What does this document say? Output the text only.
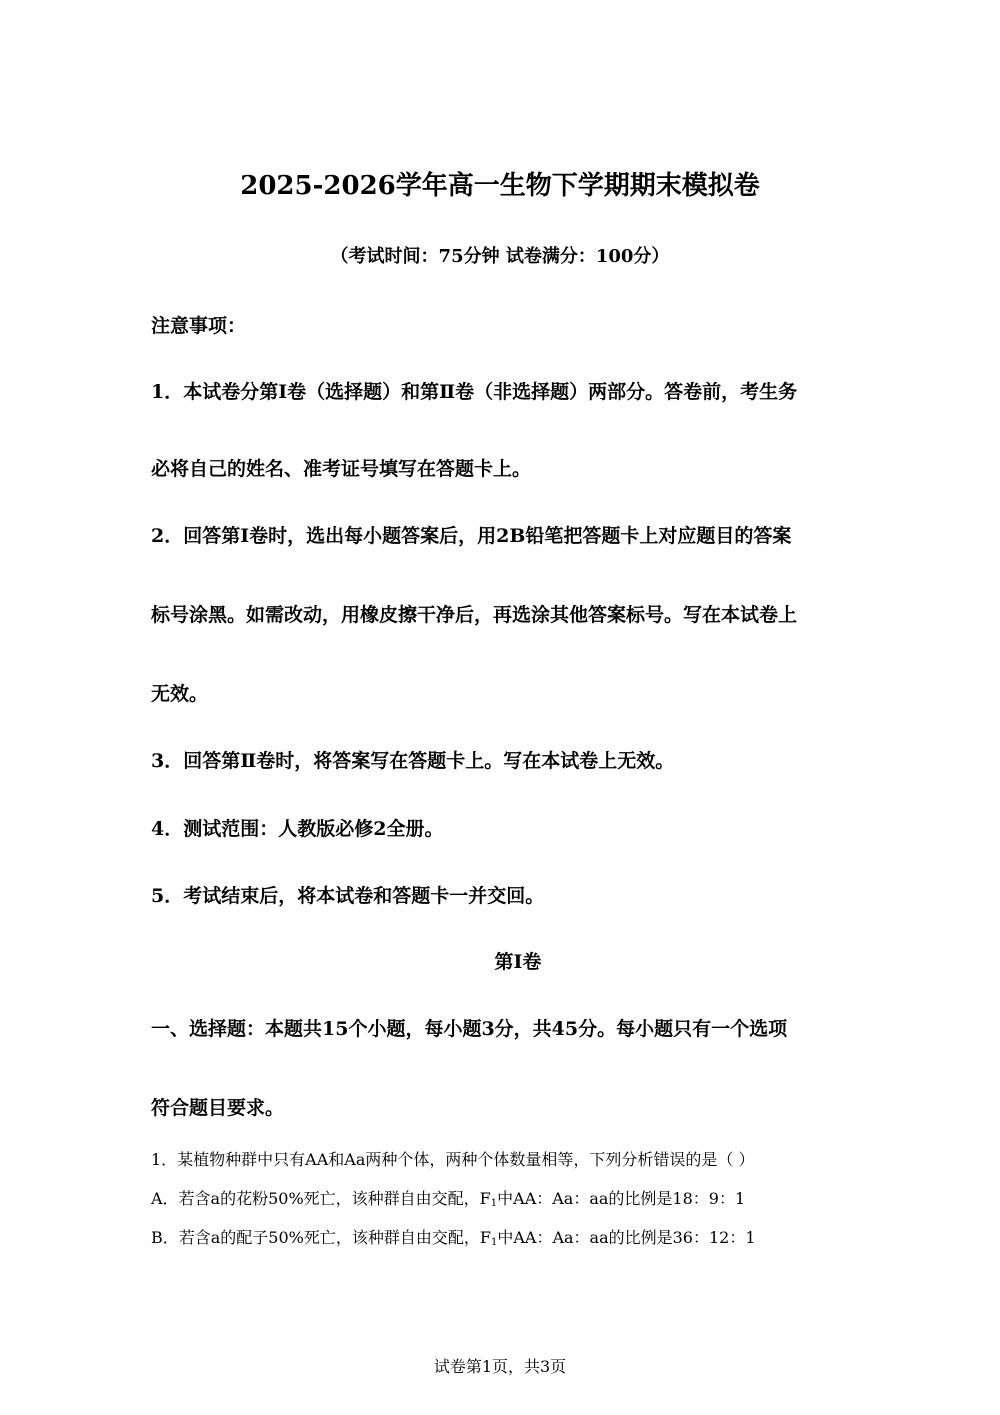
2025-2026学年高一生物下学期期末模拟卷
（考试时间：75分钟 试卷满分：100分）
注意事项：
1．本试卷分第Ⅰ卷（选择题）和第Ⅱ卷（非选择题）两部分。答卷前，考生务
必将自己的姓名、准考证号填写在答题卡上。
2．回答第Ⅰ卷时，选出每小题答案后，用2B铅笔把答题卡上对应题目的答案
标号涂黑。如需改动，用橡皮擦干净后，再选涂其他答案标号。写在本试卷上
无效。
3．回答第Ⅱ卷时，将答案写在答题卡上。写在本试卷上无效。
4．测试范围：人教版必修2全册。
5．考试结束后，将本试卷和答题卡一并交回。
第Ⅰ卷
一、选择题：本题共15个小题，每小题3分，共45分。每小题只有一个选项
符合题目要求。
1．某植物种群中只有AA和Aa两种个体，两种个体数量相等，下列分析错误的是（ ）
A．若含a的花粉50%死亡，该种群自由交配，$F_1$中AA：Aa：aa的比例是18：9：1
B．若含a的配子50%死亡，该种群自由交配，$F_1$中AA：Aa：aa的比例是36：12：1
试卷第1页，共3页
